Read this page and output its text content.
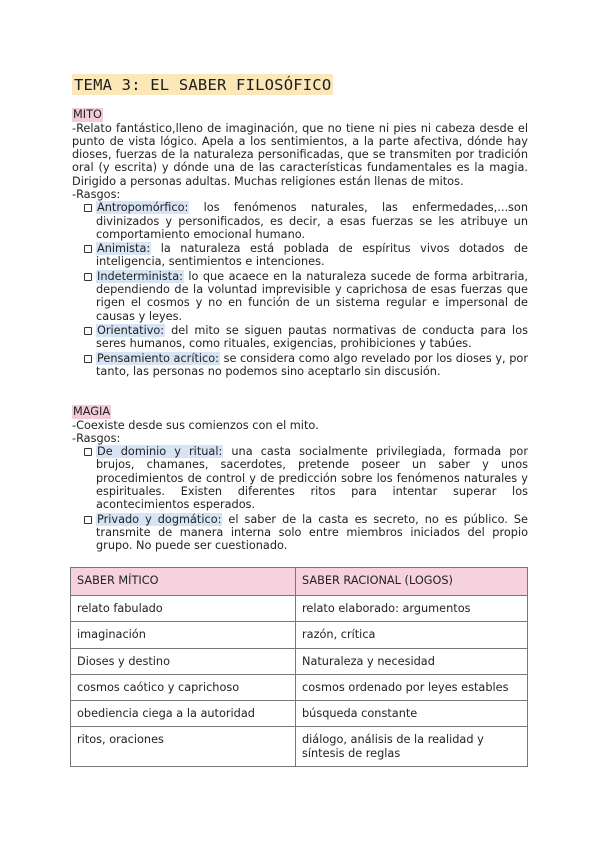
TEMA 3: EL SABER FILOSÓFICO
MITO

-Relato fantástico,lleno de imaginación, que no tiene ni pies ni cabeza desde el punto de vista lógico. Apela a los sentimientos, a la parte afectiva, dónde hay dioses, fuerzas de la naturaleza personificadas, que se transmiten por tradición oral (y escrita) y dónde una de las características fundamentales es la magia. Dirigido a personas adultas. Muchas religiones están llenas de mitos.

-Rasgos:

Antropomórfico: los fenómenos naturales, las enfermedades,...son divinizados y personificados, es decir, a esas fuerzas se les atribuye un comportamiento emocional humano.
Animista: la naturaleza está poblada de espíritus vivos dotados de inteligencia, sentimientos e intenciones.
Indeterminista: lo que acaece en la naturaleza sucede de forma arbitraria, dependiendo de la voluntad imprevisible y caprichosa de esas fuerzas que rigen el cosmos y no en función de un sistema regular e impersonal de causas y leyes.
Orientativo: del mito se siguen pautas normativas de conducta para los seres humanos, como rituales, exigencias, prohibiciones y tabúes.
Pensamiento acrítico: se considera como algo revelado por los dioses y, por tanto, las personas no podemos sino aceptarlo sin discusión.
MAGIA

-Coexiste desde sus comienzos con el mito.

-Rasgos:

De dominio y ritual: una casta socialmente privilegiada, formada por brujos, chamanes, sacerdotes, pretende poseer un saber y unos procedimientos de control y de predicción sobre los fenómenos naturales y espirituales. Existen diferentes ritos para intentar superar los acontecimientos esperados.
Privado y dogmático: el saber de la casta es secreto, no es público. Se transmite de manera interna solo entre miembros iniciados del propio grupo. No puede ser cuestionado.
SABER MÍTICO	SABER RACIONAL (LOGOS)
relato fabulado	relato elaborado: argumentos
imaginación	razón, crítica
Dioses y destino	Naturaleza y necesidad
cosmos caótico y caprichoso	cosmos ordenado por leyes estables
obediencia ciega a la autoridad	búsqueda constante
ritos, oraciones	diálogo, análisis de la realidad y síntesis de reglas
